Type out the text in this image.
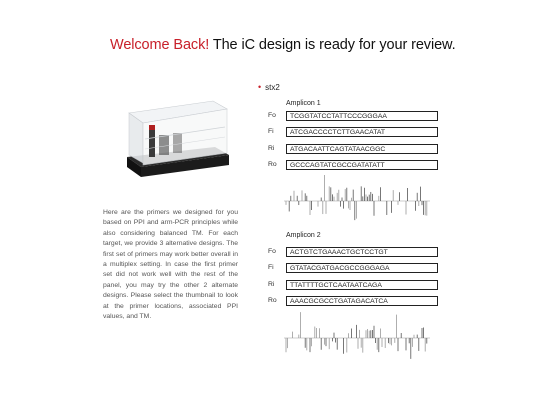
Welcome Back! The iC design is ready for your review.
Here are the primers we designed for you based on PPI and arm-PCR principles while also considering balanced TM. For each target, we provide 3 alternative designs. The first set of primers may work better overall in a multiplex setting. In case the first primer set did not work well with the rest of the panel, you may try the other 2 alternate designs. Please select the thumbnail to look at the primer locations, associated PPI values, and TM.
• stx2
Amplicon 1
Fo	TCGGTATCCTATTCCCGGGAA
Fi	ATCGACCCCTCTTGAACATAT
Ri	ATGACAATTCAGTATAACGGC
Ro	GCCCAGTATCGCCGATATATT
Amplicon 2
Fo	ACTGTCTGAAACTGCTCCTGT
Fi	GTATACGATGACGCCGGGAGA
Ri	TTATTTTGCTCAATAATCAGA
Ro	AAACGCGCCTGATAGACATCA
